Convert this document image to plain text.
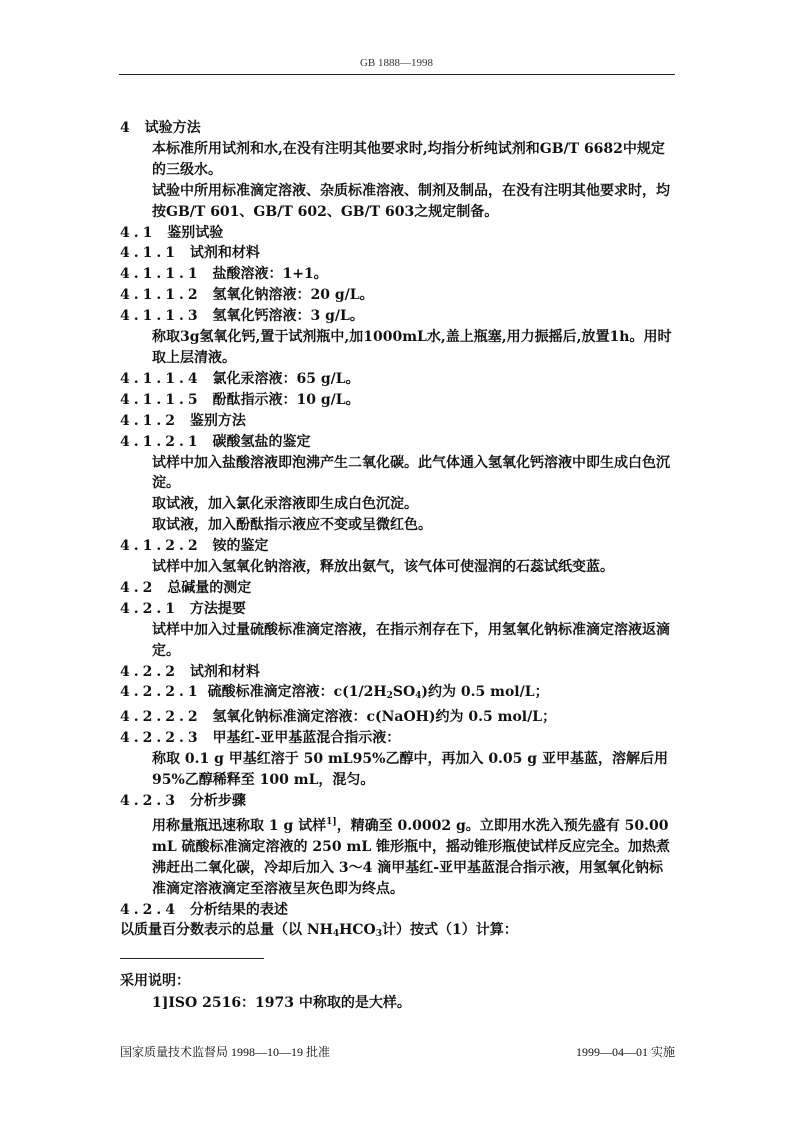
GB 1888—1998
4 试验方法
本标准所用试剂和水,在没有注明其他要求时,均指分析纯试剂和GB/T 6682中规定的三级水。
试验中所用标准滴定溶液、杂质标准溶液、制剂及制品，在没有注明其他要求时，均按GB/T 601、GB/T 602、GB/T 603之规定制备。
4.1 鉴别试验
4.1.1 试剂和材料
4.1.1.1 盐酸溶液：1+1。
4.1.1.2 氢氧化钠溶液：20 g/L。
4.1.1.3 氢氧化钙溶液：3 g/L。
称取3g氢氧化钙,置于试剂瓶中,加1000mL水,盖上瓶塞,用力振摇后,放置1h。用时取上层清液。
4.1.1.4 氯化汞溶液：65 g/L。
4.1.1.5 酚酞指示液：10 g/L。
4.1.2 鉴别方法
4.1.2.1 碳酸氢盐的鉴定
试样中加入盐酸溶液即泡沸产生二氧化碳。此气体通入氢氧化钙溶液中即生成白色沉淀。
取试液，加入氯化汞溶液即生成白色沉淀。
取试液，加入酚酞指示液应不变或呈微红色。
4.1.2.2 铵的鉴定
试样中加入氢氧化钠溶液，释放出氨气，该气体可使湿润的石蕊试纸变蓝。
4.2 总碱量的测定
4.2.1 方法提要
试样中加入过量硫酸标准滴定溶液，在指示剂存在下，用氢氧化钠标准滴定溶液返滴定。
4.2.2 试剂和材料
4.2.2.1 硫酸标准滴定溶液：$c(1/2H_2SO_4)$约为 0.5 mol/L；
4.2.2.2 氢氧化钠标准滴定溶液：c(NaOH)约为 0.5 mol/L；
4.2.2.3 甲基红-亚甲基蓝混合指示液：
称取 0.1 g 甲基红溶于 50 mL95%乙醇中，再加入 0.05 g 亚甲基蓝，溶解后用 95%乙醇稀释至 100 mL，混匀。
4.2.3 分析步骤
用称量瓶迅速称取 1 g 试样$^{1]}$，精确至 0.0002 g。立即用水洗入预先盛有 50.00 mL 硫酸标准滴定溶液的 250 mL 锥形瓶中，摇动锥形瓶使试样反应完全。加热煮沸赶出二氧化碳，冷却后加入 3～4 滴甲基红-亚甲基蓝混合指示液，用氢氧化钠标准滴定溶液滴定至溶液呈灰色即为终点。
4.2.4 分析结果的表述
以质量百分数表示的总量（以 $NH_4HCO_3$计）按式（1）计算：
采用说明：
1]ISO 2516：1973 中称取的是大样。
国家质量技术监督局 1998—10—19 批准	1999—04—01 实施
